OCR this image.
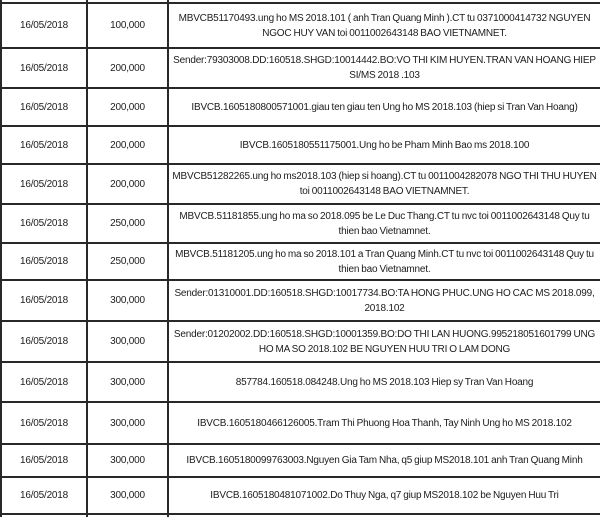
16/05/2018	100,000	MBVCB51170493.ung ho MS 2018.101 ( anh Tran Quang Minh ).CT tu 0371000414732 NGUYEN NGOC HUY VAN toi 0011002643148 BAO VIETNAMNET.
16/05/2018	200,000	Sender:79303008.DD:160518.SHGD:10014442.BO:VO THI KIM HUYEN.TRAN VAN HOANG HIEP SI/MS 2018 .103
16/05/2018	200,000	IBVCB.1605180800571001.giau ten giau ten Ung ho MS 2018.103 (hiep si Tran Van Hoang)
16/05/2018	200,000	IBVCB.1605180551175001.Ung ho be Pham Minh Bao ms 2018.100
16/05/2018	200,000	MBVCB51282265.ung ho ms2018.103 (hiep si hoang).CT tu 0011004282078 NGO THI THU HUYEN toi 0011002643148 BAO VIETNAMNET.
16/05/2018	250,000	MBVCB.51181855.ung ho ma so 2018.095 be Le Duc Thang.CT tu nvc toi 0011002643148 Quy tu thien bao Vietnamnet.
16/05/2018	250,000	MBVCB.51181205.ung ho ma so 2018.101 a Tran Quang Minh.CT tu nvc toi 0011002643148 Quy tu thien bao Vietnamnet.
16/05/2018	300,000	Sender:01310001.DD:160518.SHGD:10017734.BO:TA HONG PHUC.UNG HO CAC MS 2018.099, 2018.102
16/05/2018	300,000	Sender:01202002.DD:160518.SHGD:10001359.BO:DO THI LAN HUONG.995218051601799 UNG HO MA SO 2018.102 BE NGUYEN HUU TRI O LAM DONG
16/05/2018	300,000	857784.160518.084248.Ung ho MS 2018.103 Hiep sy Tran Van Hoang
16/05/2018	300,000	IBVCB.1605180466126005.Tram Thi Phuong Hoa Thanh, Tay Ninh Ung ho MS 2018.102
16/05/2018	300,000	IBVCB.1605180099763003.Nguyen Gia Tam Nha, q5 giup MS2018.101 anh Tran Quang Minh
16/05/2018	300,000	IBVCB.1605180481071002.Do Thuy Nga, q7 giup MS2018.102 be Nguyen Huu Tri
